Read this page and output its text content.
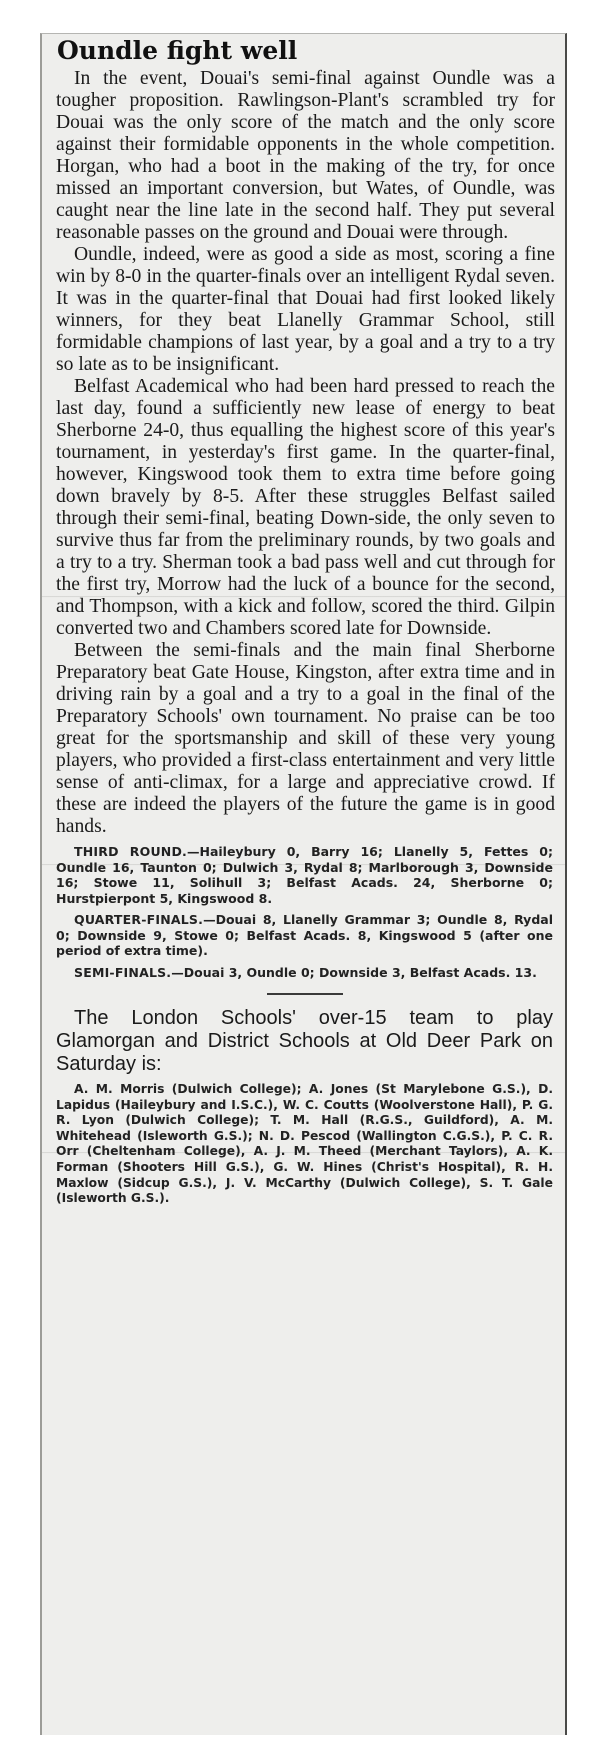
Oundle fight well

In the event, Douai's semi-final against Oundle was a tougher proposition. Rawlingson-Plant's scrambled try for Douai was the only score of the match and the only score against their formidable opponents in the whole competition. Horgan, who had a boot in the making of the try, for once missed an important conversion, but Wates, of Oundle, was caught near the line late in the second half. They put several reasonable passes on the ground and Douai were through.

Oundle, indeed, were as good a side as most, scoring a fine win by 8-0 in the quarter-finals over an intelligent Rydal seven. It was in the quarter-final that Douai had first looked likely winners, for they beat Llanelly Grammar School, still formidable champions of last year, by a goal and a try to a try so late as to be insignificant.

Belfast Academical who had been hard pressed to reach the last day, found a sufficiently new lease of energy to beat Sherborne 24-0, thus equalling the highest score of this year's tournament, in yesterday's first game. In the quarter-final, however, Kingswood took them to extra time before going down bravely by 8-5. After these struggles Belfast sailed through their semi-final, beating Down-side, the only seven to survive thus far from the preliminary rounds, by two goals and a try to a try. Sherman took a bad pass well and cut through for the first try, Morrow had the luck of a bounce for the second, and Thompson, with a kick and follow, scored the third. Gilpin converted two and Chambers scored late for Downside.

Between the semi-finals and the main final Sherborne Preparatory beat Gate House, Kingston, after extra time and in driving rain by a goal and a try to a goal in the final of the Preparatory Schools' own tournament. No praise can be too great for the sportsmanship and skill of these very young players, who provided a first-class entertainment and very little sense of anti-climax, for a large and appreciative crowd. If these are indeed the players of the future the game is in good hands.

THIRD ROUND.—Haileybury 0, Barry 16; Llanelly 5, Fettes 0; Oundle 16, Taunton 0; Dulwich 3, Rydal 8; Marlborough 3, Downside 16; Stowe 11, Solihull 3; Belfast Acads. 24, Sherborne 0; Hurstpierpont 5, Kingswood 8.

QUARTER-FINALS.—Douai 8, Llanelly Grammar 3; Oundle 8, Rydal 0; Downside 9, Stowe 0; Belfast Acads. 8, Kingswood 5 (after one period of extra time).

SEMI-FINALS.—Douai 3, Oundle 0; Downside 3, Belfast Acads. 13.

The London Schools' over-15 team to play Glamorgan and District Schools at Old Deer Park on Saturday is:

A. M. Morris (Dulwich College); A. Jones (St Marylebone G.S.), D. Lapidus (Haileybury and I.S.C.), W. C. Coutts (Woolverstone Hall), P. G. R. Lyon (Dulwich College); T. M. Hall (R.G.S., Guildford), A. M. Whitehead (Isleworth G.S.); N. D. Pescod (Wallington C.G.S.), P. C. R. Orr (Cheltenham College), A. J. M. Theed (Merchant Taylors), A. K. Forman (Shooters Hill G.S.), G. W. Hines (Christ's Hospital), R. H. Maxlow (Sidcup G.S.), J. V. McCarthy (Dulwich College), S. T. Gale (Isleworth G.S.).
